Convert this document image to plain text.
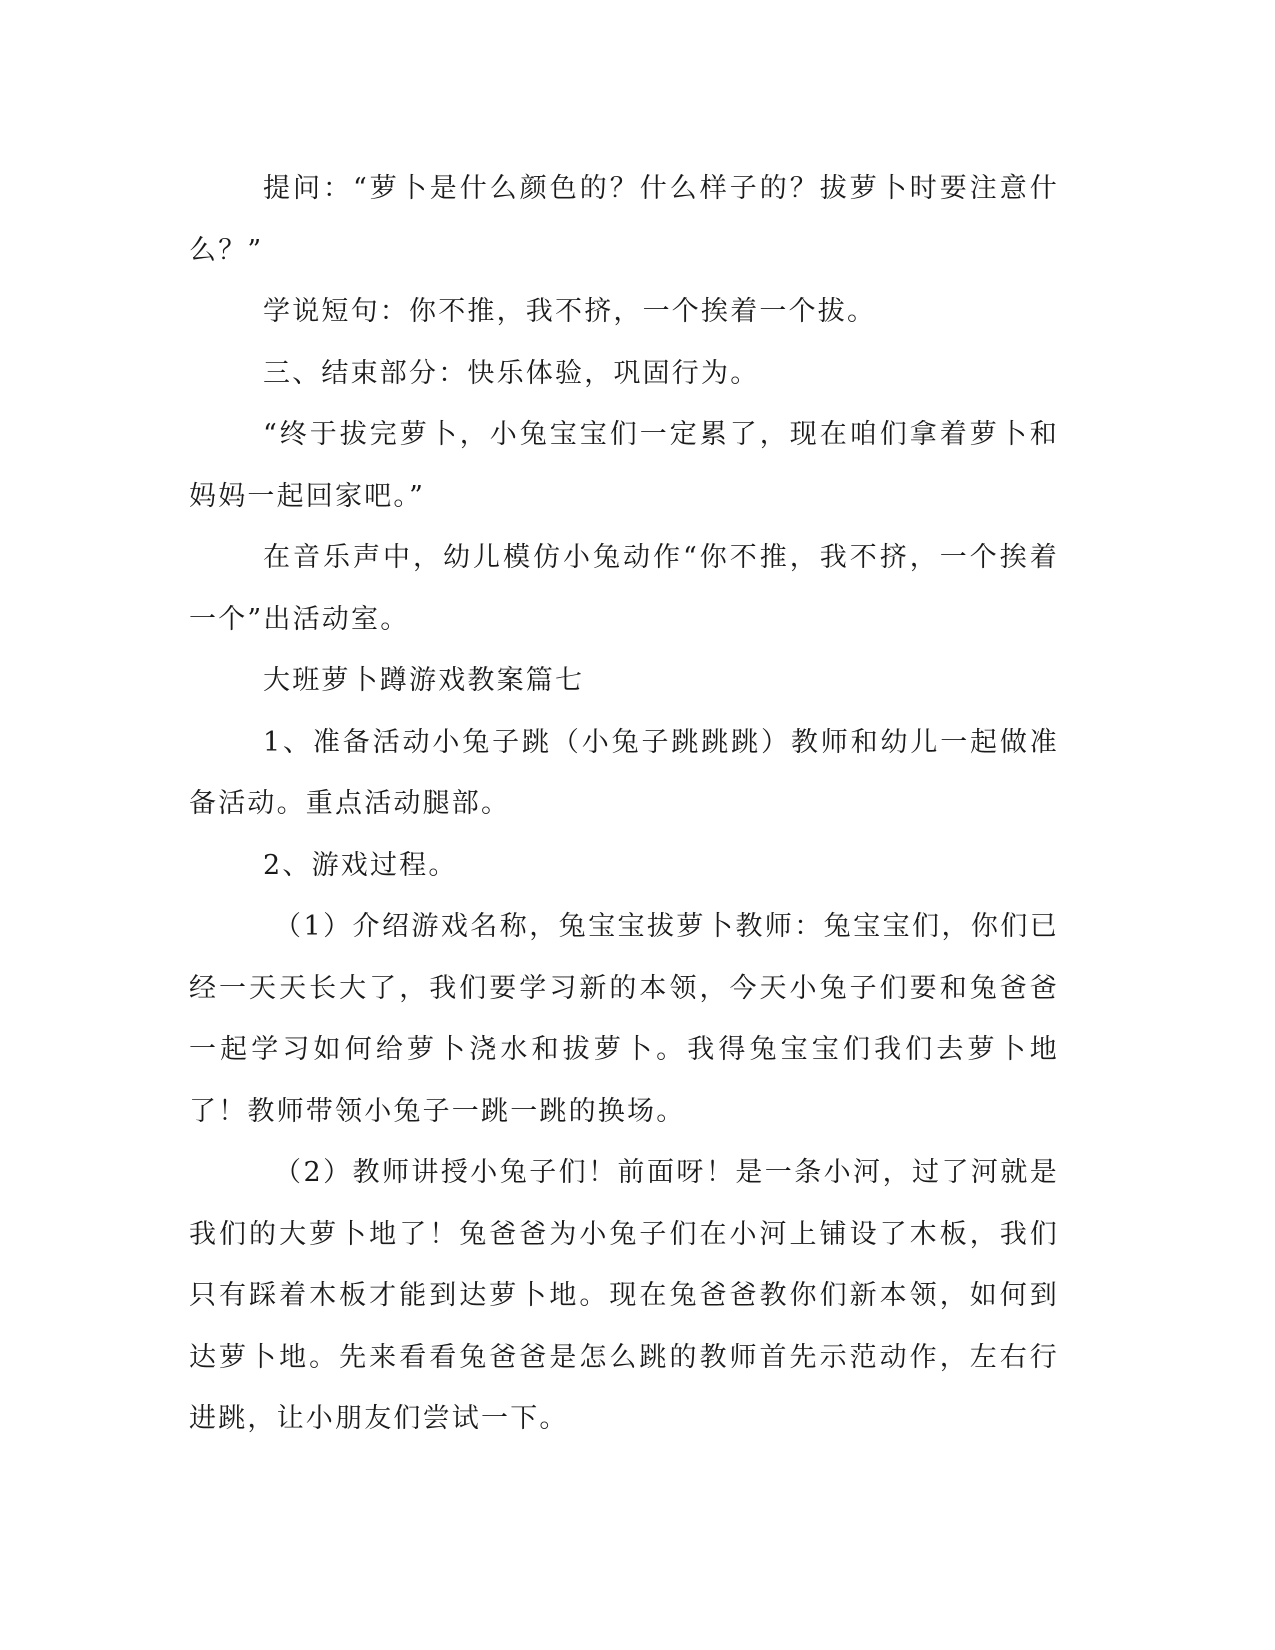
提问：“萝卜是什么颜色的？什么样子的？拔萝卜时要注意什么？”

学说短句：你不推，我不挤，一个挨着一个拔。

三、结束部分：快乐体验，巩固行为。

“终于拔完萝卜，小兔宝宝们一定累了，现在咱们拿着萝卜和妈妈一起回家吧。”

在音乐声中，幼儿模仿小兔动作“你不推，我不挤，一个挨着一个”出活动室。

大班萝卜蹲游戏教案篇七

1、准备活动小兔子跳（小兔子跳跳跳）教师和幼儿一起做准备活动。重点活动腿部。

2、游戏过程。

（1）介绍游戏名称，兔宝宝拔萝卜教师：兔宝宝们，你们已经一天天长大了，我们要学习新的本领，今天小兔子们要和兔爸爸一起学习如何给萝卜浇水和拔萝卜。我得兔宝宝们我们去萝卜地了！教师带领小兔子一跳一跳的换场。

（2）教师讲授小兔子们！前面呀！是一条小河，过了河就是我们的大萝卜地了！兔爸爸为小兔子们在小河上铺设了木板，我们只有踩着木板才能到达萝卜地。现在兔爸爸教你们新本领，如何到达萝卜地。先来看看兔爸爸是怎么跳的教师首先示范动作，左右行进跳，让小朋友们尝试一下。
